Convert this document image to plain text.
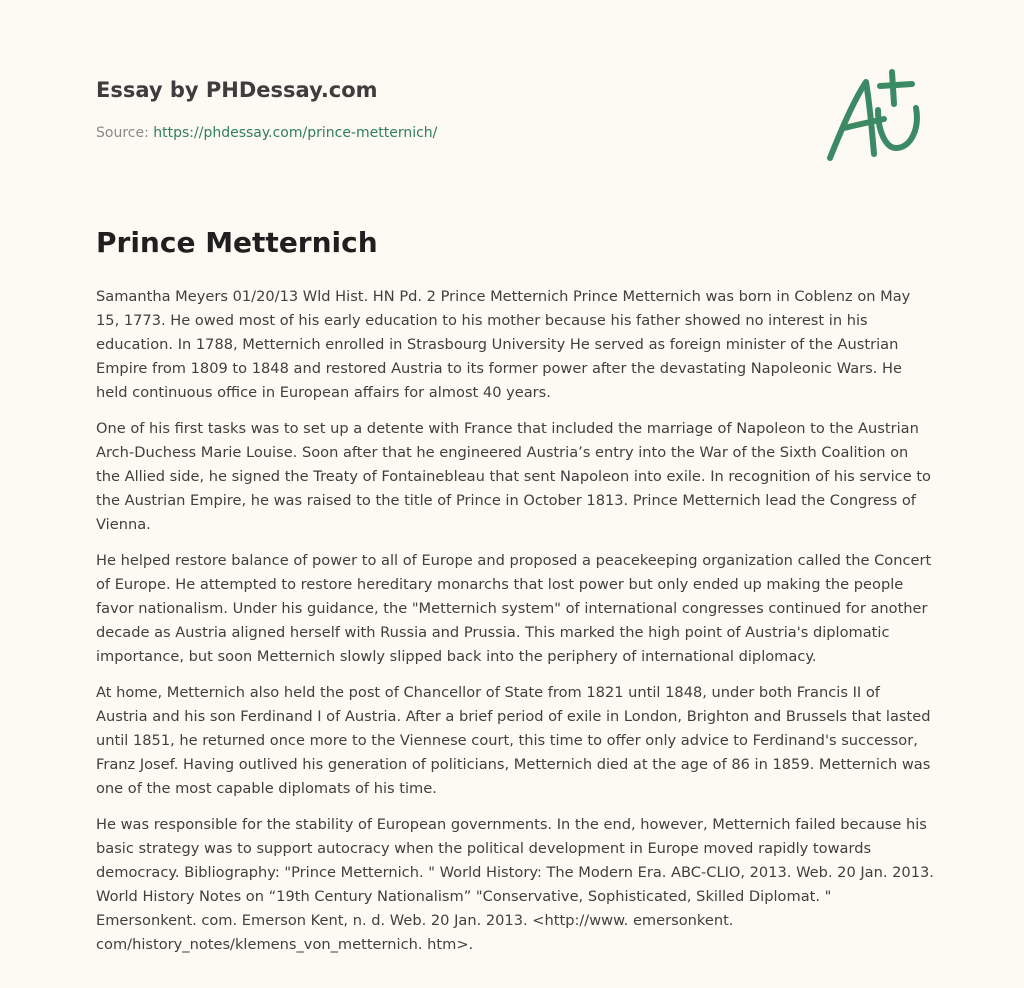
Essay by PHDessay.com
Source: https://phdessay.com/prince-metternich/
Prince Metternich

Samantha Meyers 01/20/13 Wld Hist. HN Pd. 2 Prince Metternich Prince Metternich was born in Coblenz on May 15, 1773. He owed most of his early education to his mother because his father showed no interest in his education. In 1788, Metternich enrolled in Strasbourg University He served as foreign minister of the Austrian Empire from 1809 to 1848 and restored Austria to its former power after the devastating Napoleonic Wars. He held continuous office in European affairs for almost 40 years.

One of his first tasks was to set up a detente with France that included the marriage of Napoleon to the Austrian Arch-Duchess Marie Louise. Soon after that he engineered Austria’s entry into the War of the Sixth Coalition on the Allied side, he signed the Treaty of Fontainebleau that sent Napoleon into exile. In recognition of his service to the Austrian Empire, he was raised to the title of Prince in October 1813. Prince Metternich lead the Congress of Vienna.

He helped restore balance of power to all of Europe and proposed a peacekeeping organization called the Concert of Europe. He attempted to restore hereditary monarchs that lost power but only ended up making the people favor nationalism. Under his guidance, the "Metternich system" of international congresses continued for another decade as Austria aligned herself with Russia and Prussia. This marked the high point of Austria's diplomatic importance, but soon Metternich slowly slipped back into the periphery of international diplomacy.

At home, Metternich also held the post of Chancellor of State from 1821 until 1848, under both Francis II of Austria and his son Ferdinand I of Austria. After a brief period of exile in London, Brighton and Brussels that lasted until 1851, he returned once more to the Viennese court, this time to offer only advice to Ferdinand's successor, Franz Josef. Having outlived his generation of politicians, Metternich died at the age of 86 in 1859. Metternich was one of the most capable diplomats of his time.

He was responsible for the stability of European governments. In the end, however, Metternich failed because his basic strategy was to support autocracy when the political development in Europe moved rapidly towards democracy. Bibliography: "Prince Metternich. " World History: The Modern Era. ABC-CLIO, 2013. Web. 20 Jan. 2013. World History Notes on “19th Century Nationalism” "Conservative, Sophisticated, Skilled Diplomat. " Emersonkent. com. Emerson Kent, n. d. Web. 20 Jan. 2013. <http://www. emersonkent. com/history_notes/klemens_von_metternich. htm>.
